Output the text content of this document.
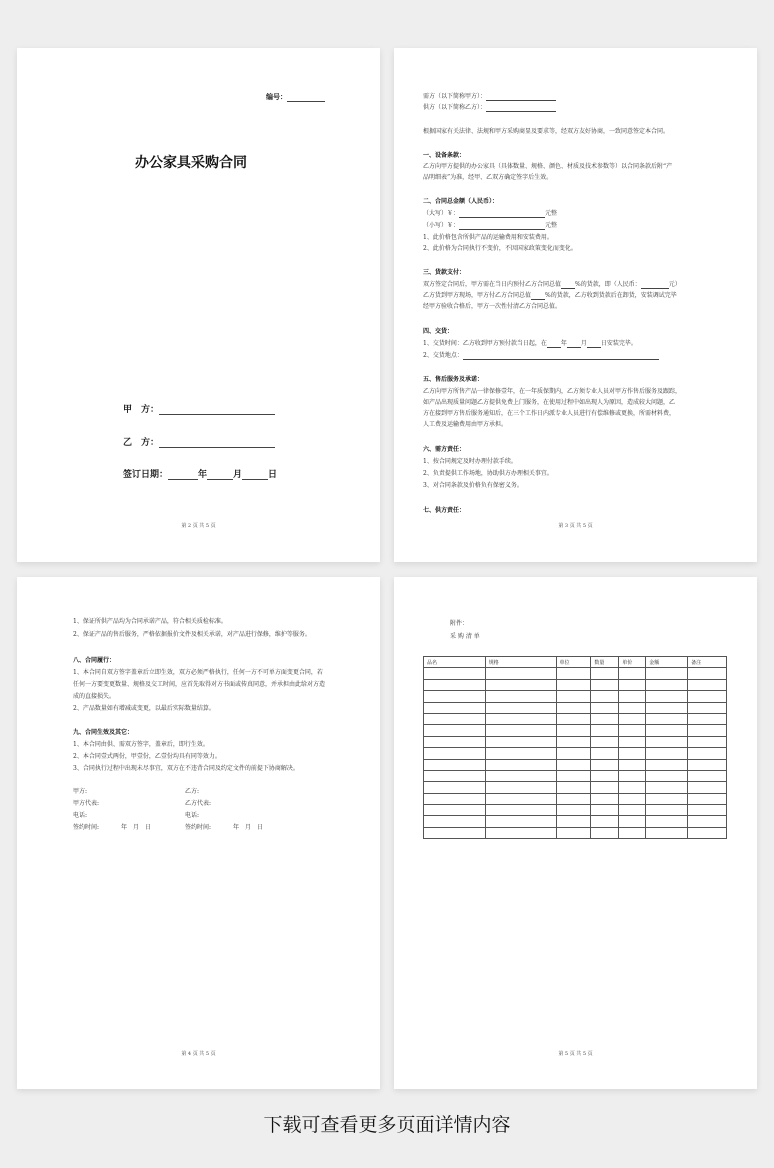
编号：
办公家具采购合同
甲　方：
乙　方：
签订日期：	年	月	日
第 2 页 共 5 页
需方（以下简称甲方）：
供方（以下简称乙方）：
根据国家有关法律、法规和甲方采购商显及要求等，经双方友好协商，一致同意签定本合同。
一、设备条款：
乙方向甲方提供的办公家具（具体数量、规格、颜色、材质及技术参数等）以合同条款后附“产
品明细表”为准，经甲、乙双方确定签字后生效。
二、合同总金额（人民币）：
（大写）￥：	元整
（小写）￥：	元整
1、此价格包含所供产品的运输费用和安装费用。
2、此价格为合同执行不变价，不因国家政策变化而变化。
三、货款支付：
双方签定合同后，甲方需在当日内预付乙方合同总值 %的货款，即（人民币：	元）
乙方货到甲方现场，甲方付乙方合同总值 %的货款，乙方收到货款后在卸货，安装调试完毕
经甲方验收合格后，甲方一次性付清乙方合同总值。
四、交货：
1、交货时间：乙方收到甲方预付款当日起，在 年 月 日安装完毕。
2、交货地点：
五、售后服务及承诺：
乙方向甲方所售产品一律保修壹年，在一年质保期内，乙方须专业人员对甲方作售后服务及跟踪，
如产品出现质量问题乙方提供免费上门服务，在使用过程中如出现人为原因，造成较大问题，乙
方在接到甲方售后服务通知后，在三个工作日内派专业人员进行有偿维修或更换，所需材料费，
人工费及运输费用由甲方承担。
六、需方责任：
1、按合同规定及时办理付款手续。
2、负责提供工作场地，协助供方办理相关事宜。
3、对合同条款及价格负有保密义务。
七、供方责任：
第 3 页 共 5 页
1、保证所供产品均为合同承诺产品，符合相关质检标准。
2、保证产品的售后服务，严格依据报价文件及相关承诺，对产品进行保修，维护等服务。
八、合同履行：
1、本合同自双方签字盖章后立即生效，双方必须严格执行，任何一方不可单方面变更合同，若
任何一方要变更数量、规格及交工时间，应首先取得对方书面或传真同意，并承担由此给对方造
成的直接损失。
2、产品数量如有增减或变更，以最后实际数量结算。
九、合同生效及其它：
1、本合同由供、需双方签字，盖章后，即行生效。
2、本合同壹式两份，甲壹份，乙壹份均具有同等效力。
3、合同执行过程中出现未尽事宜，双方在不违背合同及约定文件的前提下协商解决。
甲方:	乙方:
甲方代表:	乙方代表:
电话:	电话:
签约时间:	年　月　日	签约时间:	年　月　日
第 4 页 共 5 页
附件：
采 购 清 单
品名	规格	单位	数量	单价	金额	备注

第 5 页 共 5 页
下载可查看更多页面详情内容
